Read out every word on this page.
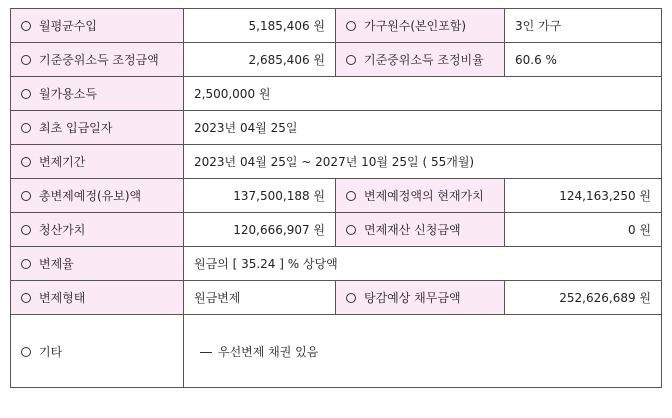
월평균수입	5,185,406 원	가구원수(본인포함)	3인 가구
기준중위소득 조정금액	2,685,406 원	기준중위소득 조정비율	60.6 %
월가용소득	2,500,000 원		
최초 입금일자	2023년 04월 25일		
변제기간	2023년 04월 25일 ~ 2027년 10월 25일 ( 55개월)		
총변제예정(유보)액	137,500,188 원	변제예정액의 현재가치	124,163,250 원
청산가치	120,666,907 원	면제재산 신청금액	0 원
변제율	원금의 [ 35.24 ] % 상당액		
변제형태	원금변제	탕감예상 채무금액	252,626,689 원
기타	우선변제 채권 있음		
